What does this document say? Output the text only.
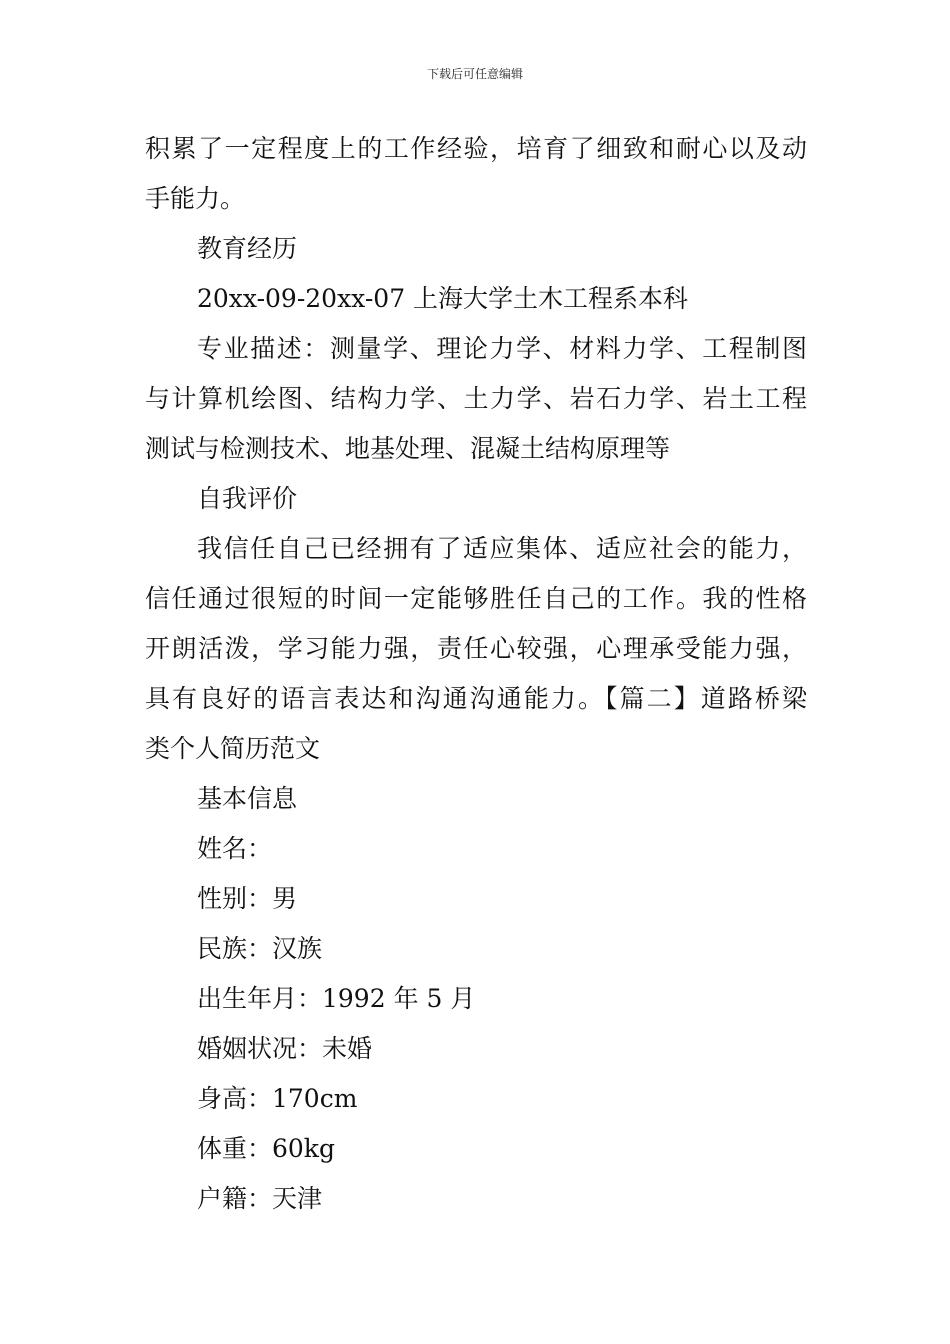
下载后可任意编辑
积累了一定程度上的工作经验，培育了细致和耐心以及动
手能力。
教育经历
20xx-09-20xx-07 上海大学土木工程系本科
专业描述：测量学、理论力学、材料力学、工程制图
与计算机绘图、结构力学、土力学、岩石力学、岩土工程
测试与检测技术、地基处理、混凝土结构原理等
自我评价
我信任自己已经拥有了适应集体、适应社会的能力，
信任通过很短的时间一定能够胜任自己的工作。我的性格
开朗活泼，学习能力强，责任心较强，心理承受能力强，
具有良好的语言表达和沟通沟通能力。【篇二】道路桥梁
类个人简历范文
基本信息
姓名：
性别：男
民族：汉族
出生年月：1992 年 5 月
婚姻状况：未婚
身高：170cm
体重：60kg
户籍：天津
